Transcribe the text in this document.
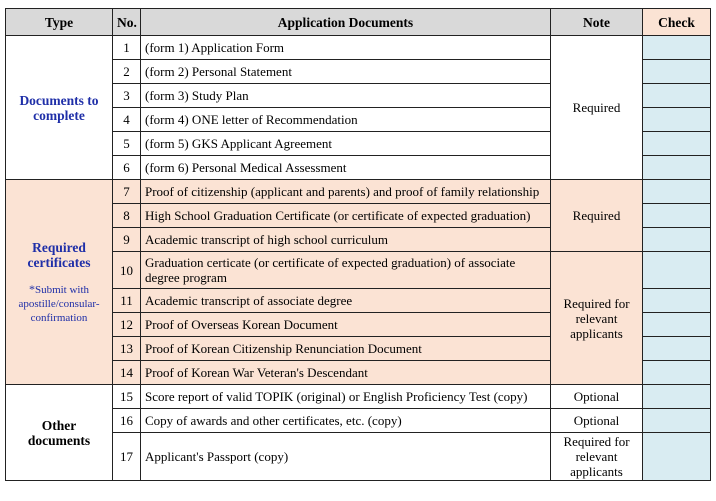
Type	No.	Application Documents	Note	Check
Documents to complete	1	(form 1) Application Form	Required	
	2	(form 2) Personal Statement		
	3	(form 3) Study Plan		
	4	(form 4) ONE letter of Recommendation		
	5	(form 5) GKS Applicant Agreement		
	6	(form 6) Personal Medical Assessment		
Required certificates
*Submit with apostille/consular-confirmation	7	Proof of citizenship (applicant and parents) and proof of family relationship	Required	
	8	High School Graduation Certificate (or certificate of expected graduation)		
	9	Academic transcript of high school curriculum		
	10	Graduation certicate (or certificate of expected graduation) of associate degree program	Required for relevant applicants	
	11	Academic transcript of associate degree		
	12	Proof of Overseas Korean Document		
	13	Proof of Korean Citizenship Renunciation Document		
	14	Proof of Korean War Veteran's Descendant		
Other documents	15	Score report of valid TOPIK (original) or English Proficiency Test (copy)	Optional	
	16	Copy of awards and other certificates, etc. (copy)	Optional	
	17	Applicant's Passport (copy)	Required for relevant applicants	
